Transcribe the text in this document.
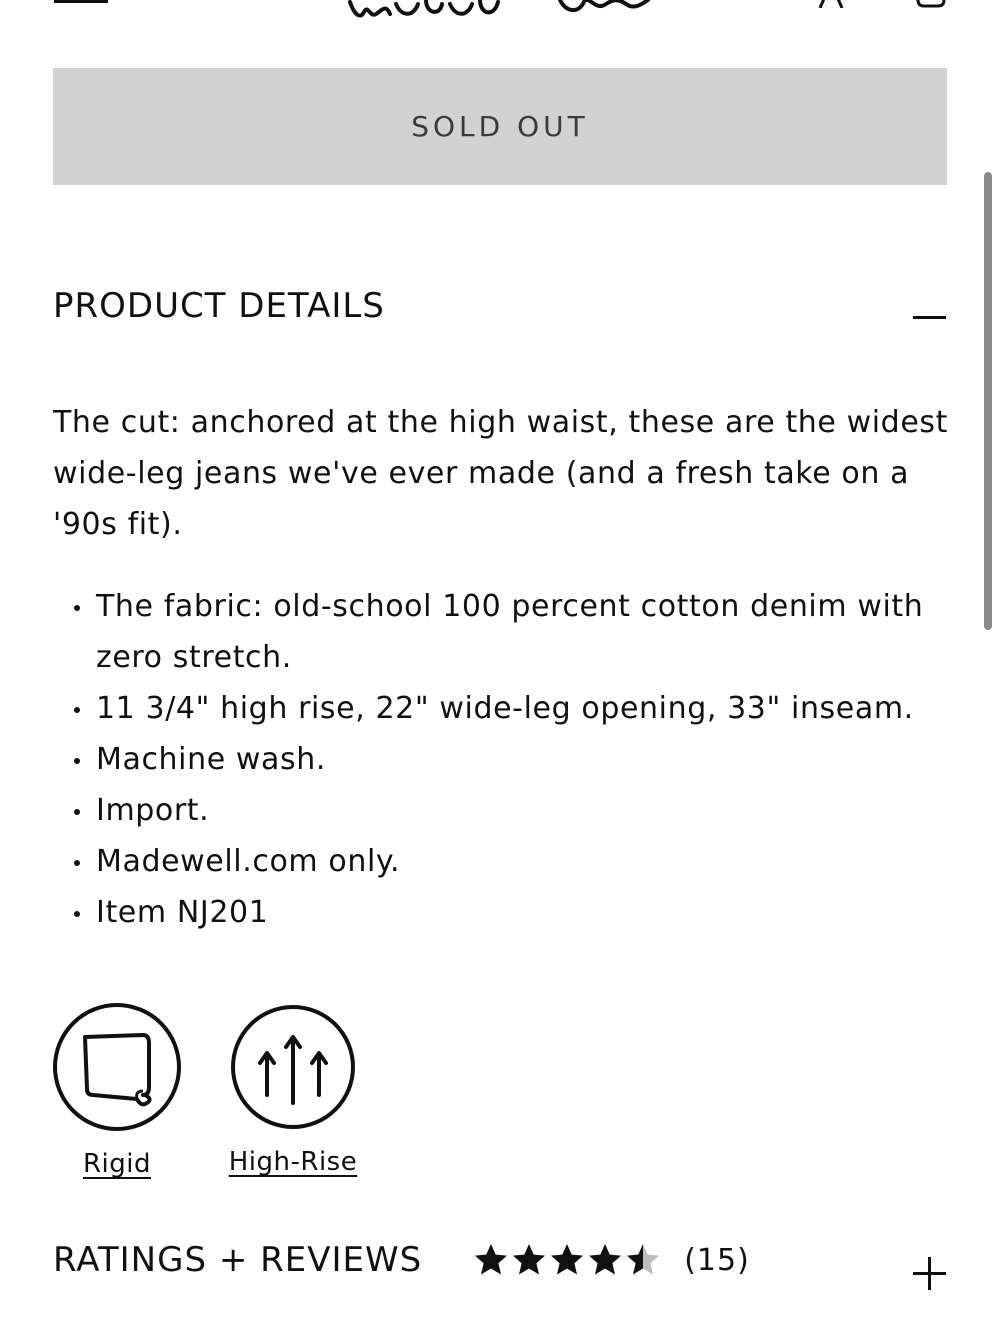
SOLD OUT
PRODUCT DETAILS

The cut: anchored at the high waist, these are the widest wide-leg jeans we've ever made (and a fresh take on a '90s fit).

The fabric: old-school 100 percent cotton denim with zero stretch.
11 3/4" high rise, 22" wide-leg opening, 33" inseam.
Machine wash.
Import.
Madewell.com only.
Item NJ201
Rigid	High-Rise
RATINGS + REVIEWS	(15)
